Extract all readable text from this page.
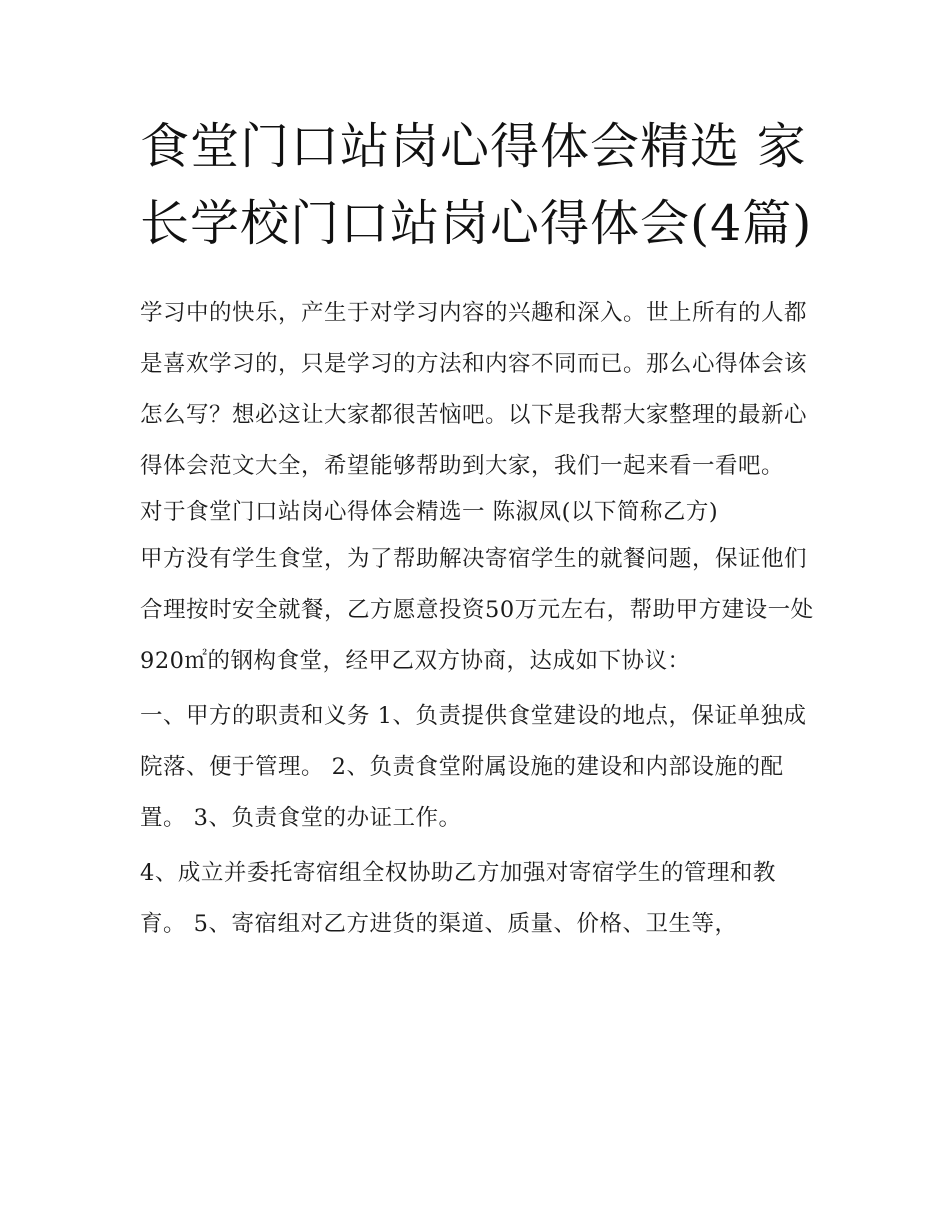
食堂门口站岗心得体会精选 家长学校门口站岗心得体会(4篇)

学习中的快乐，产生于对学习内容的兴趣和深入。世上所有的人都是喜欢学习的，只是学习的方法和内容不同而已。那么心得体会该怎么写？想必这让大家都很苦恼吧。以下是我帮大家整理的最新心得体会范文大全，希望能够帮助到大家，我们一起来看一看吧。

对于食堂门口站岗心得体会精选一 陈淑凤(以下简称乙方)

甲方没有学生食堂，为了帮助解决寄宿学生的就餐问题，保证他们合理按时安全就餐，乙方愿意投资50万元左右，帮助甲方建设一处920㎡的钢构食堂，经甲乙双方协商，达成如下协议：

一、甲方的职责和义务 1、负责提供食堂建设的地点，保证单独成院落、便于管理。 2、负责食堂附属设施的建设和内部设施的配置。 3、负责食堂的办证工作。

4、成立并委托寄宿组全权协助乙方加强对寄宿学生的管理和教育。 5、寄宿组对乙方进货的渠道、质量、价格、卫生等，
